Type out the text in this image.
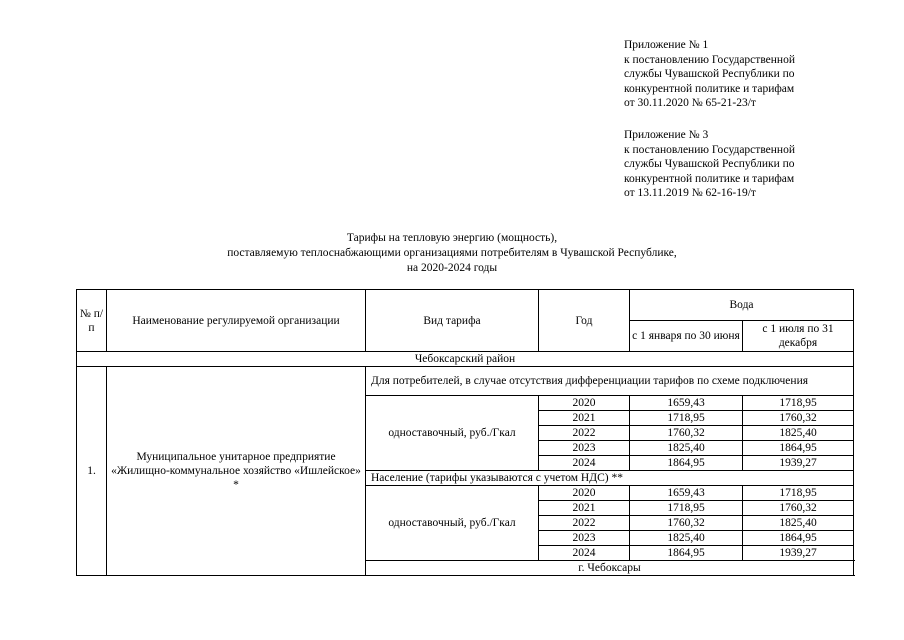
Приложение № 1
к постановлению Государственной
службы Чувашской Республики по
конкурентной политике и тарифам
от 30.11.2020 № 65-21-23/т
Приложение № 3
к постановлению Государственной
службы Чувашской Республики по
конкурентной политике и тарифам
от 13.11.2019 № 62-16-19/т
Тарифы на тепловую энергию (мощность),
поставляемую теплоснабжающими организациями потребителям в Чувашской Республике,
на 2020-2024 годы
№ п/п	Наименование регулируемой организации	Вид тарифа	Год	Вода	
				с 1 января по 30 июня	с 1 июля по 31 декабря
Чебоксарский район					
1.	Муниципальное унитарное предприятие «Жилищно-коммунальное хозяйство «Ишлейское» *	Для потребителей, в случае отсутствия дифференциации тарифов по схеме подключения			
		одноставочный, руб./Гкал	2020	1659,43	1718,95
			2021	1718,95	1760,32
			2022	1760,32	1825,40
			2023	1825,40	1864,95
			2024	1864,95	1939,27
		Население (тарифы указываются с учетом НДС) **			
		одноставочный, руб./Гкал	2020	1659,43	1718,95
			2021	1718,95	1760,32
			2022	1760,32	1825,40
			2023	1825,40	1864,95
			2024	1864,95	1939,27
		г. Чебоксары			
